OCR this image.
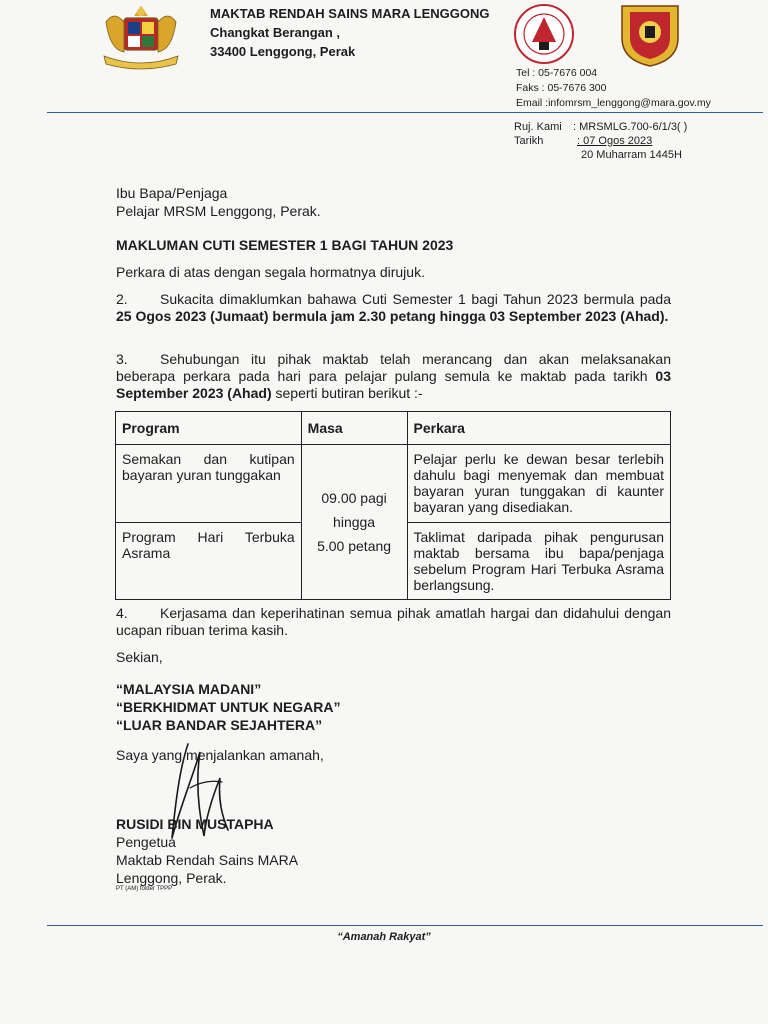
MAKTAB RENDAH SAINS MARA LENGGONG
Changkat Berangan ,
33400 Lenggong, Perak
Tel : 05-7676 004
Faks : 05-7676 300
Email :infomrsm_lenggong@mara.gov.my
Ruj. Kami : MRSMLG.700-6/1/3( )
Tarikh	: 07 Ogos 2023
20 Muharram 1445H
Ibu Bapa/Penjaga
Pelajar MRSM Lenggong, Perak.
MAKLUMAN CUTI SEMESTER 1 BAGI TAHUN 2023
Perkara di atas dengan segala hormatnya dirujuk.
2. Sukacita dimaklumkan bahawa Cuti Semester 1 bagi Tahun 2023 bermula pada 25 Ogos 2023 (Jumaat) bermula jam 2.30 petang hingga 03 September 2023 (Ahad).
3. Sehubungan itu pihak maktab telah merancang dan akan melaksanakan beberapa perkara pada hari para pelajar pulang semula ke maktab pada tarikh 03 September 2023 (Ahad) seperti butiran berikut :-
Program	Masa	Perkara
Semakan dan kutipan bayaran yuran tunggakan	09.00 pagi
hingga
5.00 petang	Pelajar perlu ke dewan besar terlebih dahulu bagi menyemak dan membuat bayaran yuran tunggakan di kaunter bayaran yang disediakan.
Program Hari Terbuka Asrama		Taklimat daripada pihak pengurusan maktab bersama ibu bapa/penjaga sebelum Program Hari Terbuka Asrama berlangsung.
4. Kerjasama dan keperihatinan semua pihak amatlah hargai dan didahului dengan ucapan ribuan terima kasih.
Sekian,
“MALAYSIA MADANI”
“BERKHIDMAT UNTUK NEGARA”
“LUAR BANDAR SEJAHTERA”
Saya yang menjalankan amanah,
RUSIDI BIN MUSTAPHA
Pengetua
Maktab Rendah Sains MARA
Lenggong, Perak.
PT (AM) folder TPPP
“Amanah Rakyat”
